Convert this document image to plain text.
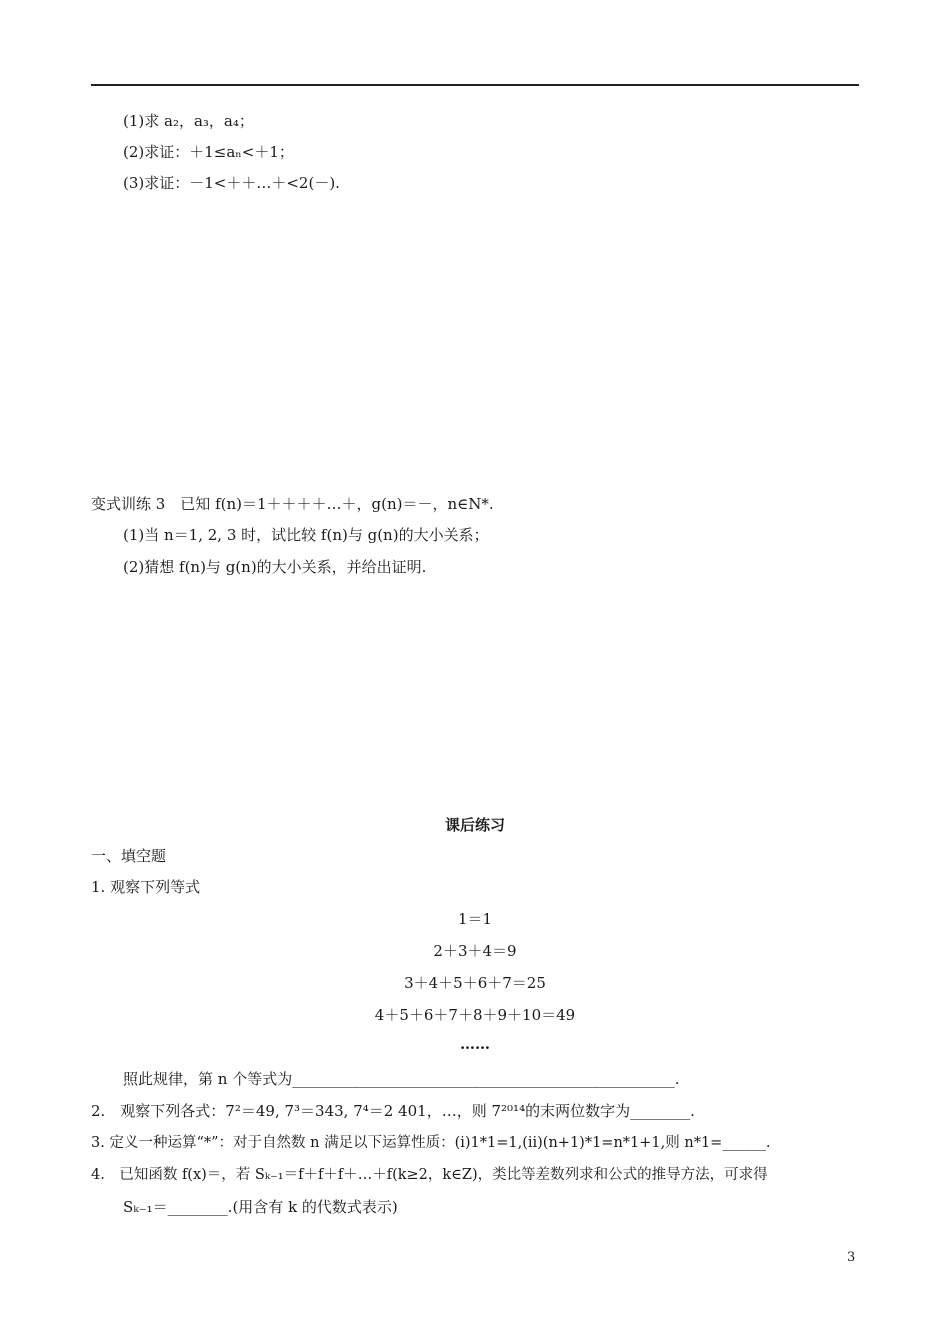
(1)求 a₂，a₃，a₄；
(2)求证：＋1≤aₙ<＋1；
(3)求证：－1<＋＋…＋<2(－).
变式训练 3　已知 f(n)＝1＋＋＋＋…＋，g(n)＝－，n∈N*.
(1)当 n＝1, 2, 3 时，试比较 f(n)与 g(n)的大小关系；
(2)猜想 f(n)与 g(n)的大小关系，并给出证明.
课后练习
一、填空题
1. 观察下列等式
1＝1
2＋3＋4＝9
3＋4＋5＋6＋7＝25
4＋5＋6＋7＋8＋9＋10＝49
……
照此规律，第 n 个等式为___________________________________________________.
2.　观察下列各式：7²＝49, 7³＝343, 7⁴＝2 401，…，则 7²⁰¹⁴的末两位数字为________.
3. 定义一种运算“*”：对于自然数 n 满足以下运算性质：(ⅰ)1*1=1,(ⅱ)(n+1)*1=n*1+1,则 n*1=______.
4.　已知函数 f(x)＝，若 Sₖ₋₁＝f＋f＋f＋…＋f(k≥2，k∈Z)，类比等差数列求和公式的推导方法，可求得
Sₖ₋₁＝________.(用含有 k 的代数式表示)
3
